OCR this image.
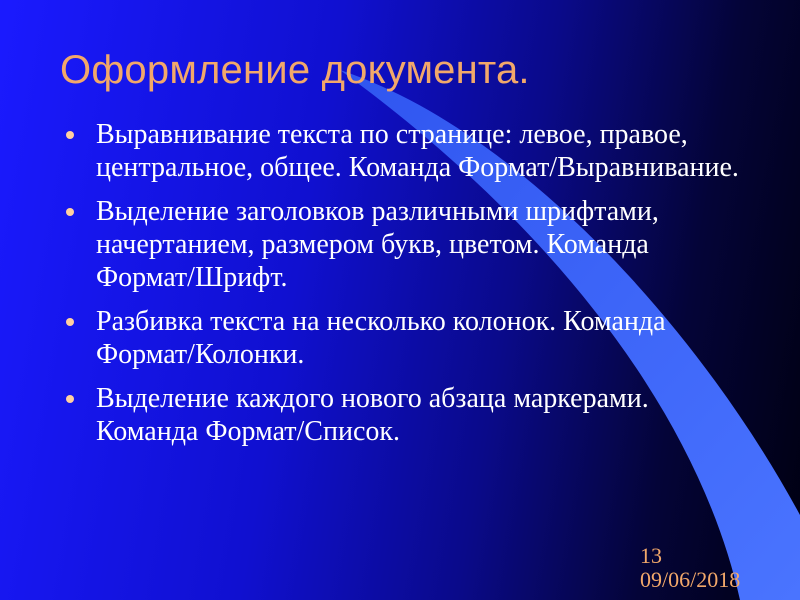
Оформление документа.
Выравнивание текста по странице: левое, правое, центральное, общее. Команда Формат/Выравнивание.
Выделение заголовков различными шрифтами, начертанием, размером букв, цветом. Команда Формат/Шрифт.
Разбивка текста на несколько колонок. Команда Формат/Колонки.
Выделение каждого нового абзаца маркерами. Команда Формат/Список.
13
09/06/2018
